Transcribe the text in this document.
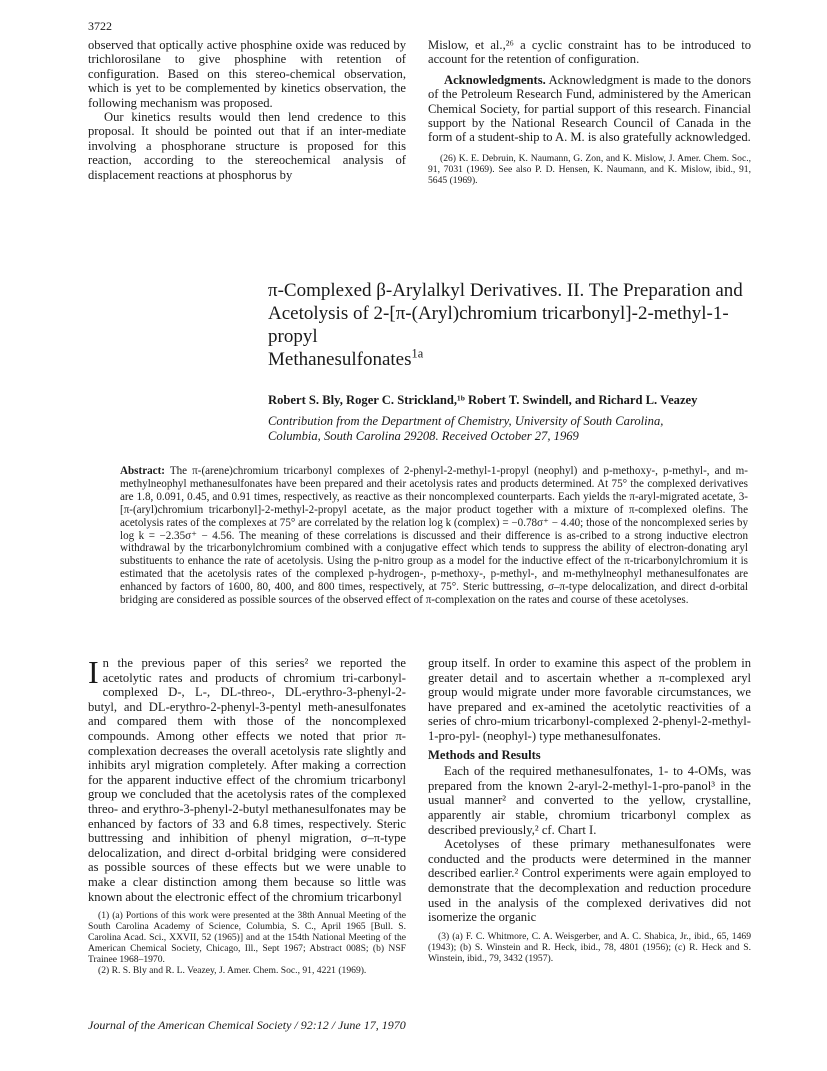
3722

observed that optically active phosphine oxide was reduced by trichlorosilane to give phosphine with retention of configuration. Based on this stereo-chemical observation, which is yet to be complemented by kinetics observation, the following mechanism was proposed.

Our kinetics results would then lend credence to this proposal. It should be pointed out that if an inter-mediate involving a phosphorane structure is proposed for this reaction, according to the stereochemical analysis of displacement reactions at phosphorus by

Mislow, et al.,²⁶ a cyclic constraint has to be introduced to account for the retention of configuration.

Acknowledgments. Acknowledgment is made to the donors of the Petroleum Research Fund, administered by the American Chemical Society, for partial support of this research. Financial support by the National Research Council of Canada in the form of a student-ship to A. M. is also gratefully acknowledged.

(26) K. E. Debruin, K. Naumann, G. Zon, and K. Mislow, J. Amer. Chem. Soc., 91, 7031 (1969). See also P. D. Hensen, K. Naumann, and K. Mislow, ibid., 91, 5645 (1969).

π-Complexed β-Arylalkyl Derivatives. II. The Preparation and
Acetolysis of 2-[π-(Aryl)chromium tricarbonyl]-2-methyl-1-propyl
Methanesulfonates$^{1a}$
Robert S. Bly, Roger C. Strickland,¹ᵇ Robert T. Swindell, and Richard L. Veazey
Contribution from the Department of Chemistry, University of South Carolina,
Columbia, South Carolina 29208. Received October 27, 1969
Abstract: The π-(arene)chromium tricarbonyl complexes of 2-phenyl-2-methyl-1-propyl (neophyl) and p-methoxy-, p-methyl-, and m-methylneophyl methanesulfonates have been prepared and their acetolysis rates and products determined. At 75° the complexed derivatives are 1.8, 0.091, 0.45, and 0.91 times, respectively, as reactive as their noncomplexed counterparts. Each yields the π-aryl-migrated acetate, 3-[π-(aryl)chromium tricarbonyl]-2-methyl-2-propyl acetate, as the major product together with a mixture of π-complexed olefins. The acetolysis rates of the complexes at 75° are correlated by the relation log k (complex) = −0.78σ⁺ − 4.40; those of the noncomplexed series by log k = −2.35σ⁺ − 4.56. The meaning of these correlations is discussed and their difference is as-cribed to a strong inductive electron withdrawal by the tricarbonylchromium combined with a conjugative effect which tends to suppress the ability of electron-donating aryl substituents to enhance the rate of acetolysis. Using the p-nitro group as a model for the inductive effect of the π-tricarbonylchromium it is estimated that the acetolysis rates of the complexed p-hydrogen-, p-methoxy-, p-methyl-, and m-methylneophyl methanesulfonates are enhanced by factors of 1600, 80, 400, and 800 times, respectively, at 75°. Steric buttressing, σ–π-type delocalization, and direct d-orbital bridging are considered as possible sources of the observed effect of π-complexation on the rates and course of these acetolyses.

I n the previous paper of this series² we reported the acetolytic rates and products of chromium tri-carbonyl-complexed D-, L-, DL-threo-, DL-erythro-3-phenyl-2-butyl, and DL-erythro-2-phenyl-3-pentyl meth-anesulfonates and compared them with those of the noncomplexed compounds. Among other effects we noted that prior π-complexation decreases the overall acetolysis rate slightly and inhibits aryl migration completely. After making a correction for the apparent inductive effect of the chromium tricarbonyl group we concluded that the acetolysis rates of the complexed threo- and erythro-3-phenyl-2-butyl methanesulfonates may be enhanced by factors of 33 and 6.8 times, respectively. Steric buttressing and inhibition of phenyl migration, σ–π-type delocalization, and direct d-orbital bridging were considered as possible sources of these effects but we were unable to make a clear distinction among them because so little was known about the electronic effect of the chromium tricarbonyl

(1) (a) Portions of this work were presented at the 38th Annual Meeting of the South Carolina Academy of Science, Columbia, S. C., April 1965 [Bull. S. Carolina Acad. Sci., XXVII, 52 (1965)] and at the 154th National Meeting of the American Chemical Society, Chicago, Ill., Sept 1967; Abstract 008S; (b) NSF Trainee 1968–1970.

(2) R. S. Bly and R. L. Veazey, J. Amer. Chem. Soc., 91, 4221 (1969).

group itself. In order to examine this aspect of the problem in greater detail and to ascertain whether a π-complexed aryl group would migrate under more favorable circumstances, we have prepared and ex-amined the acetolytic reactivities of a series of chro-mium tricarbonyl-complexed 2-phenyl-2-methyl-1-pro-pyl- (neophyl-) type methanesulfonates.

Methods and Results

Each of the required methanesulfonates, 1- to 4-OMs, was prepared from the known 2-aryl-2-methyl-1-pro-panol³ in the usual manner² and converted to the yellow, crystalline, apparently air stable, chromium tricarbonyl complex as described previously,² cf. Chart I.

Acetolyses of these primary methanesulfonates were conducted and the products were determined in the manner described earlier.² Control experiments were again employed to demonstrate that the decomplexation and reduction procedure used in the analysis of the complexed derivatives did not isomerize the organic

(3) (a) F. C. Whitmore, C. A. Weisgerber, and A. C. Shabica, Jr., ibid., 65, 1469 (1943); (b) S. Winstein and R. Heck, ibid., 78, 4801 (1956); (c) R. Heck and S. Winstein, ibid., 79, 3432 (1957).

Journal of the American Chemical Society / 92:12 / June 17, 1970
